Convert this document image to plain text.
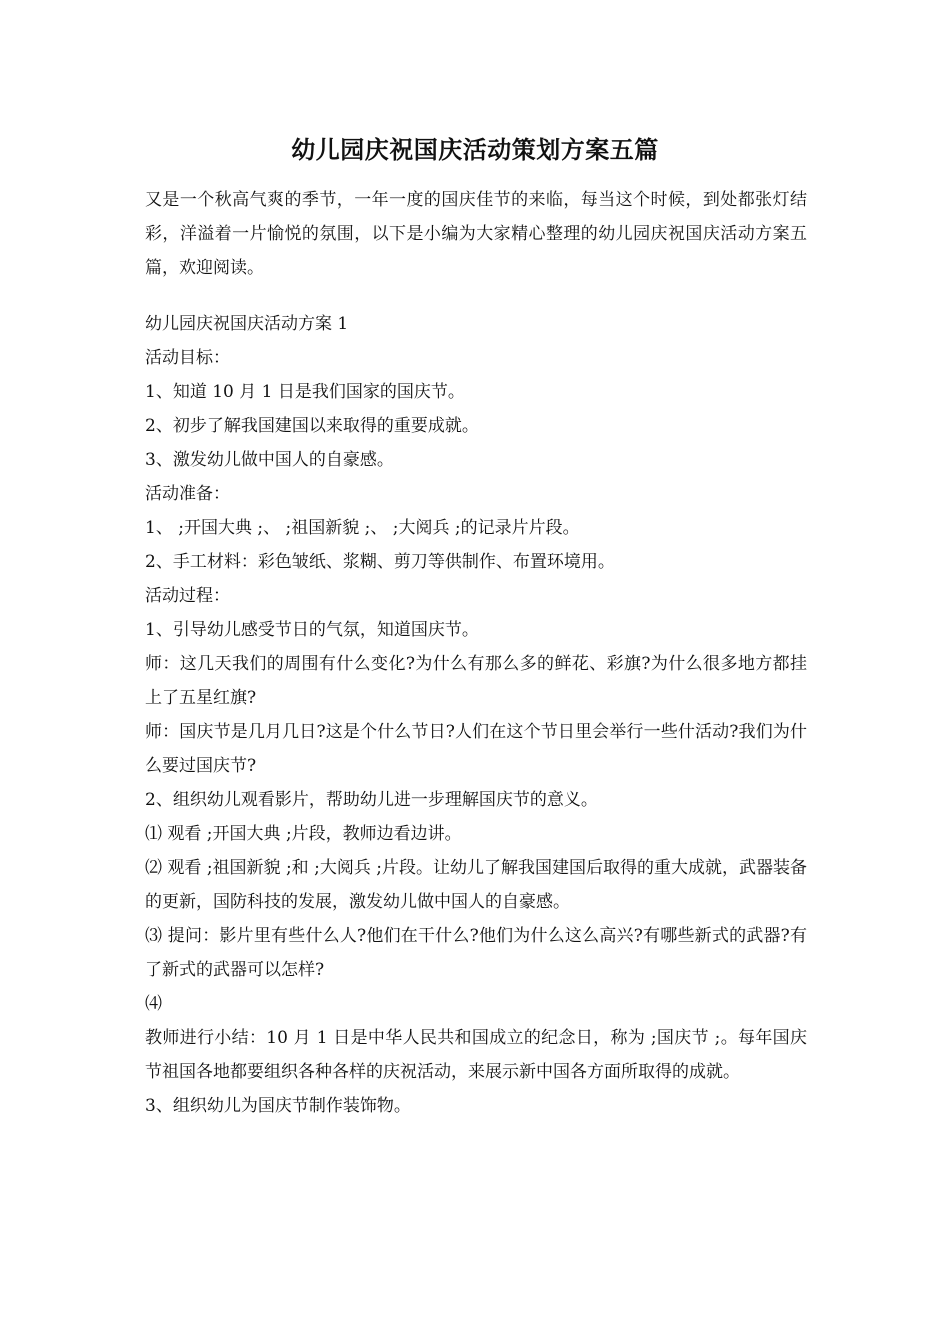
幼儿园庆祝国庆活动策划方案五篇

又是一个秋高气爽的季节，一年一度的国庆佳节的来临，每当这个时候，到处都张灯结彩，洋溢着一片愉悦的氛围，以下是小编为大家精心整理的幼儿园庆祝国庆活动方案五篇，欢迎阅读。

幼儿园庆祝国庆活动方案 1

活动目标：

1、知道 10 月 1 日是我们国家的国庆节。

2、初步了解我国建国以来取得的重要成就。

3、激发幼儿做中国人的自豪感。

活动准备：

1、 ;开国大典 ;、 ;祖国新貌 ;、 ;大阅兵 ;的记录片片段。

2、手工材料：彩色皱纸、浆糊、剪刀等供制作、布置环境用。

活动过程：

1、引导幼儿感受节日的气氛，知道国庆节。

师：这几天我们的周围有什么变化?为什么有那么多的鲜花、彩旗?为什么很多地方都挂上了五星红旗?

师：国庆节是几月几日?这是个什么节日?人们在这个节日里会举行一些什活动?我们为什么要过国庆节?

2、组织幼儿观看影片，帮助幼儿进一步理解国庆节的意义。

⑴ 观看 ;开国大典 ;片段，教师边看边讲。

⑵ 观看 ;祖国新貌 ;和 ;大阅兵 ;片段。让幼儿了解我国建国后取得的重大成就，武器装备的更新，国防科技的发展，激发幼儿做中国人的自豪感。

⑶ 提问：影片里有些什么人?他们在干什么?他们为什么这么高兴?有哪些新式的武器?有了新式的武器可以怎样?

⑷

教师进行小结：10 月 1 日是中华人民共和国成立的纪念日，称为 ;国庆节 ;。每年国庆节祖国各地都要组织各种各样的庆祝活动，来展示新中国各方面所取得的成就。

3、组织幼儿为国庆节制作装饰物。
